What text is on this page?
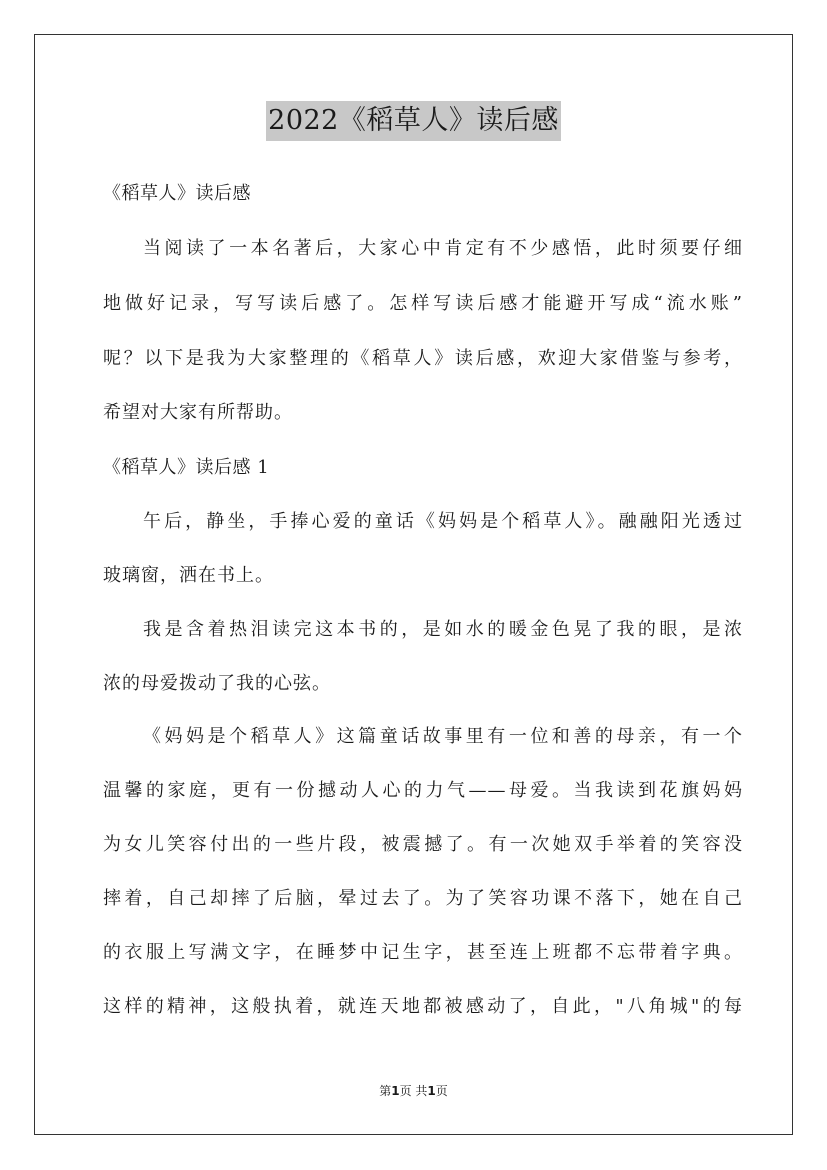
2022《稻草人》读后感
《稻草人》读后感
当阅读了一本名著后，大家心中肯定有不少感悟，此时须要仔细
地做好记录，写写读后感了。怎样写读后感才能避开写成“流水账”
呢？以下是我为大家整理的《稻草人》读后感，欢迎大家借鉴与参考，
希望对大家有所帮助。
《稻草人》读后感 1
午后，静坐，手捧心爱的童话《妈妈是个稻草人》。融融阳光透过
玻璃窗，洒在书上。
我是含着热泪读完这本书的，是如水的暖金色晃了我的眼，是浓
浓的母爱拨动了我的心弦。
《妈妈是个稻草人》这篇童话故事里有一位和善的母亲，有一个
温馨的家庭，更有一份撼动人心的力气——母爱。当我读到花旗妈妈
为女儿笑容付出的一些片段，被震撼了。有一次她双手举着的笑容没
摔着，自己却摔了后脑，晕过去了。为了笑容功课不落下，她在自己
的衣服上写满文字，在睡梦中记生字，甚至连上班都不忘带着字典。
这样的精神，这般执着，就连天地都被感动了，自此，"八角城"的每
第1页 共1页
